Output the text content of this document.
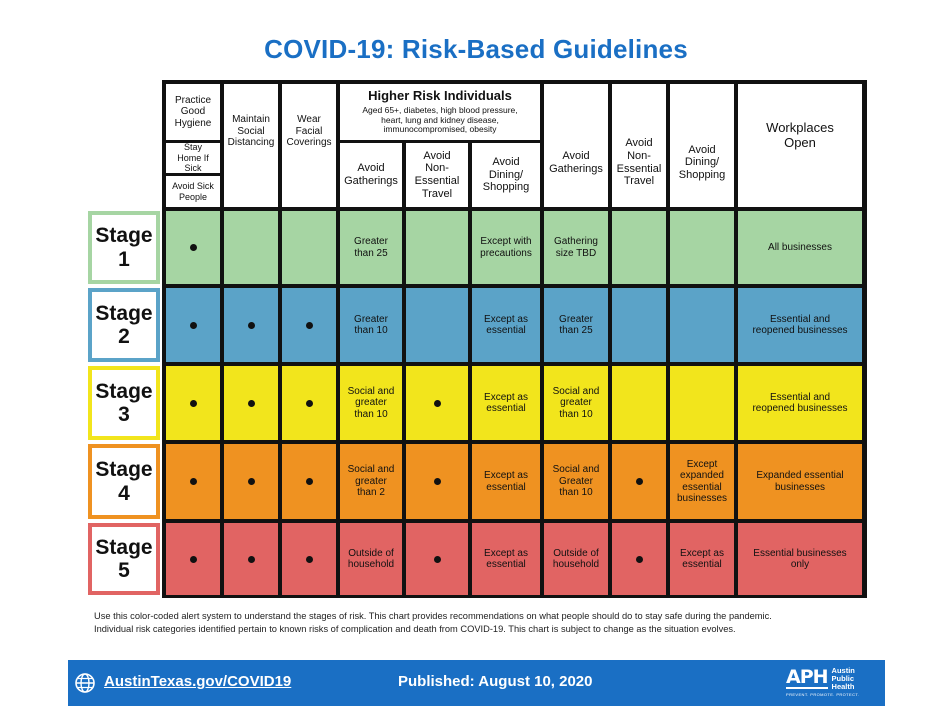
COVID-19: Risk-Based Guidelines
Practice Good Hygiene
Stay Home If Sick
Avoid Sick People
Maintain Social Distancing
Wear Facial Coverings
Higher Risk Individuals
Aged 65+, diabetes, high blood pressure, heart, lung and kidney disease, immunocompromised, obesity
Avoid Gatherings
Avoid Non-Essential Travel
Avoid Dining/ Shopping
Avoid Gatherings
Avoid Non-Essential Travel
Avoid Dining/ Shopping
Workplaces Open
Greater than 25
Except with precautions
Gathering size TBD
All businesses
Greater than 10
Except as essential
Greater than 25
Essential and reopened businesses
Social and greater than 10
Except as essential
Social and greater than 10
Essential and reopened businesses
Social and greater than 2
Except as essential
Social and Greater than 10
Except expanded essential businesses
Expanded essential businesses
Outside of household
Except as essential
Outside of household
Except as essential
Essential businesses only
Use this color-coded alert system to understand the stages of risk. This chart provides recommendations on what people should do to stay safe during the pandemic.
Individual risk categories identified pertain to known risks of complication and death from COVID-19. This chart is subject to change as the situation evolves.
AustinTexas.gov/COVID19	Published: August 10, 2020	APH Austin
Public
Health
PREVENT. PROMOTE. PROTECT.
Stage
1
Stage
2
Stage
3
Stage
4
Stage
5
